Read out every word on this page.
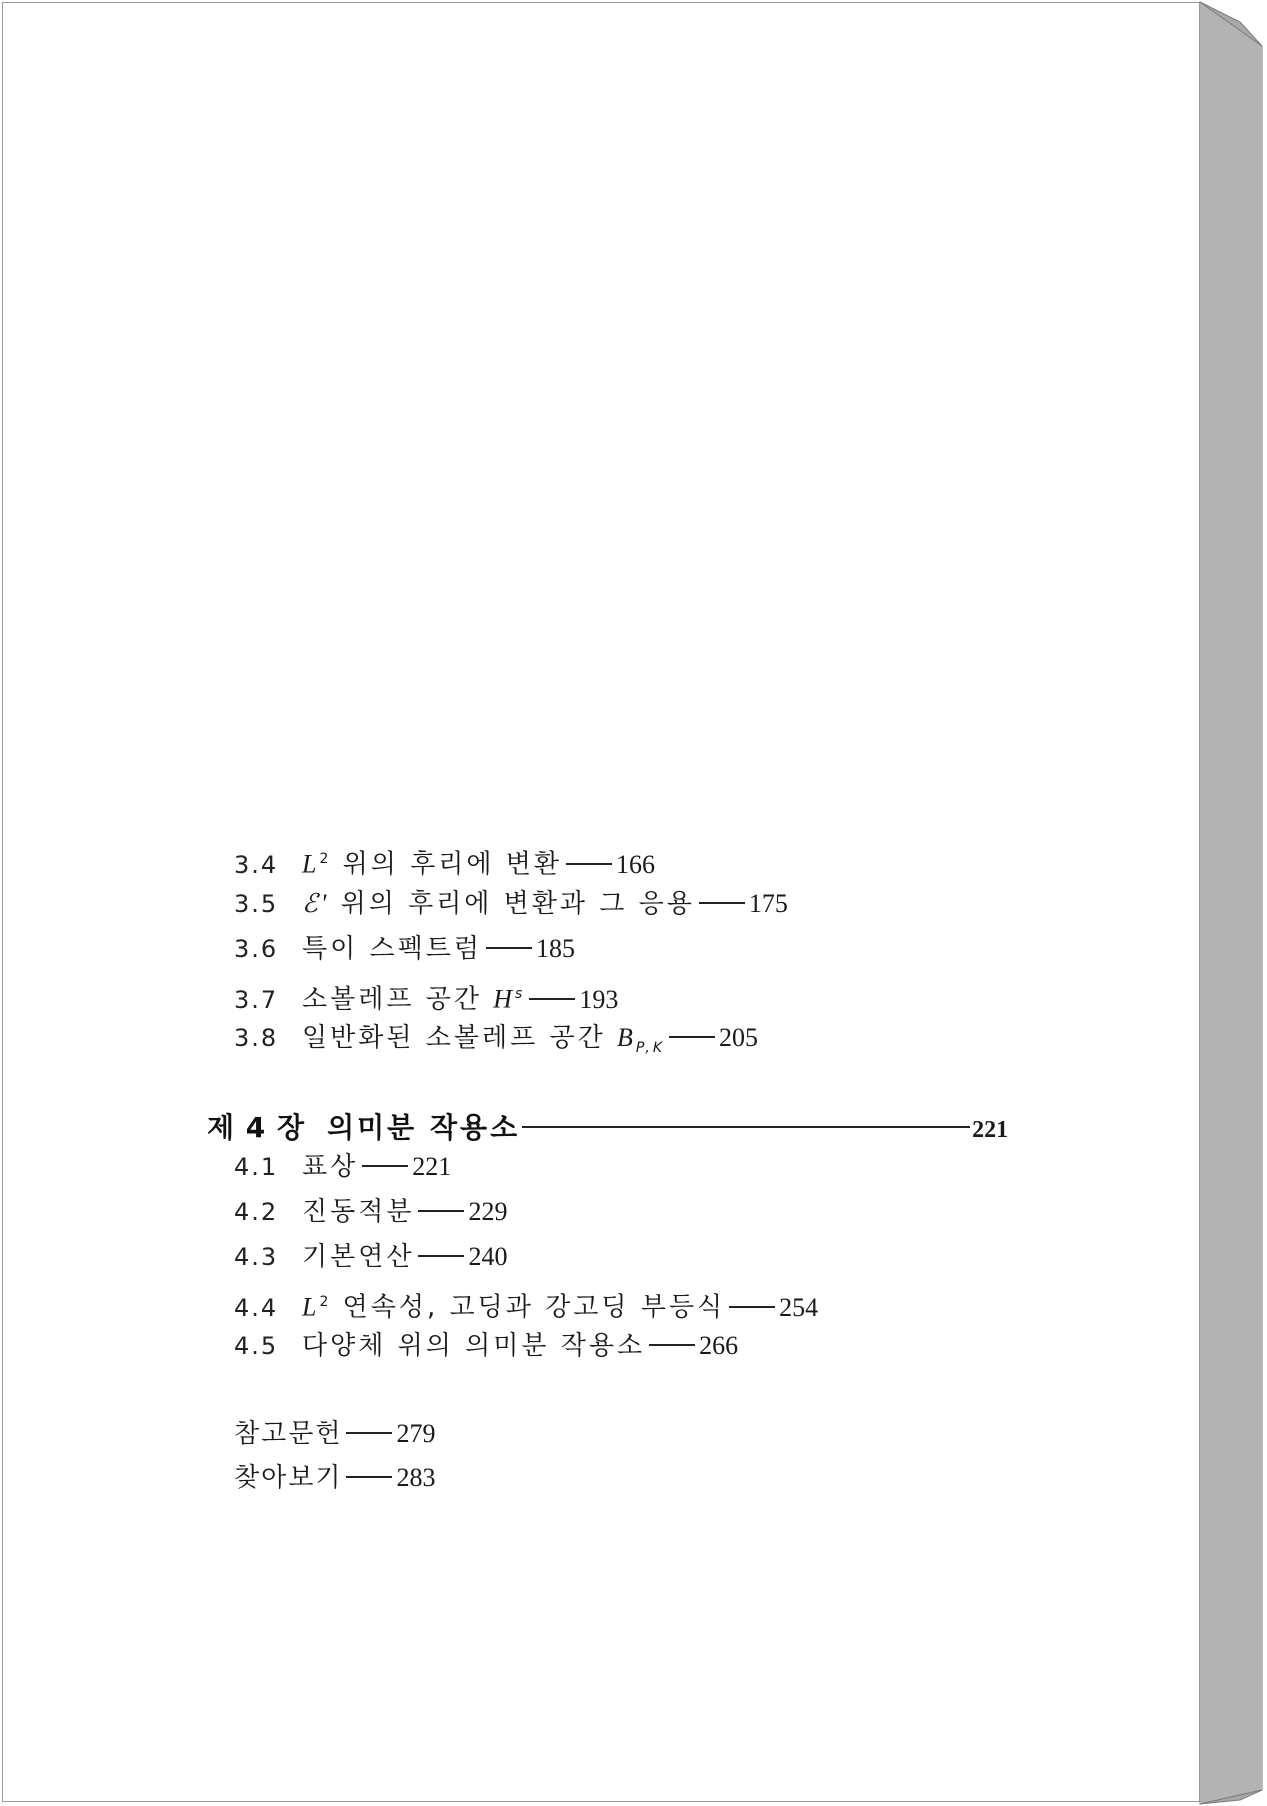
3.4 $L^2$ 위의 후리에 변환 166
3.5 ℰ' 위의 후리에 변환과 그 응용 175
3.6 특이 스펙트럼 185
3.7 소볼레프 공간 $H^s$ 193
3.8 일반화된 소볼레프 공간 $B_{P,K}$ 205
제 4 장 의미분 작용소	221
4.1 표상 221
4.2 진동적분 229
4.3 기본연산 240
4.4 $L^2$ 연속성, 고딩과 강고딩 부등식 254
4.5 다양체 위의 의미분 작용소 266
참고문헌 279
찾아보기 283
